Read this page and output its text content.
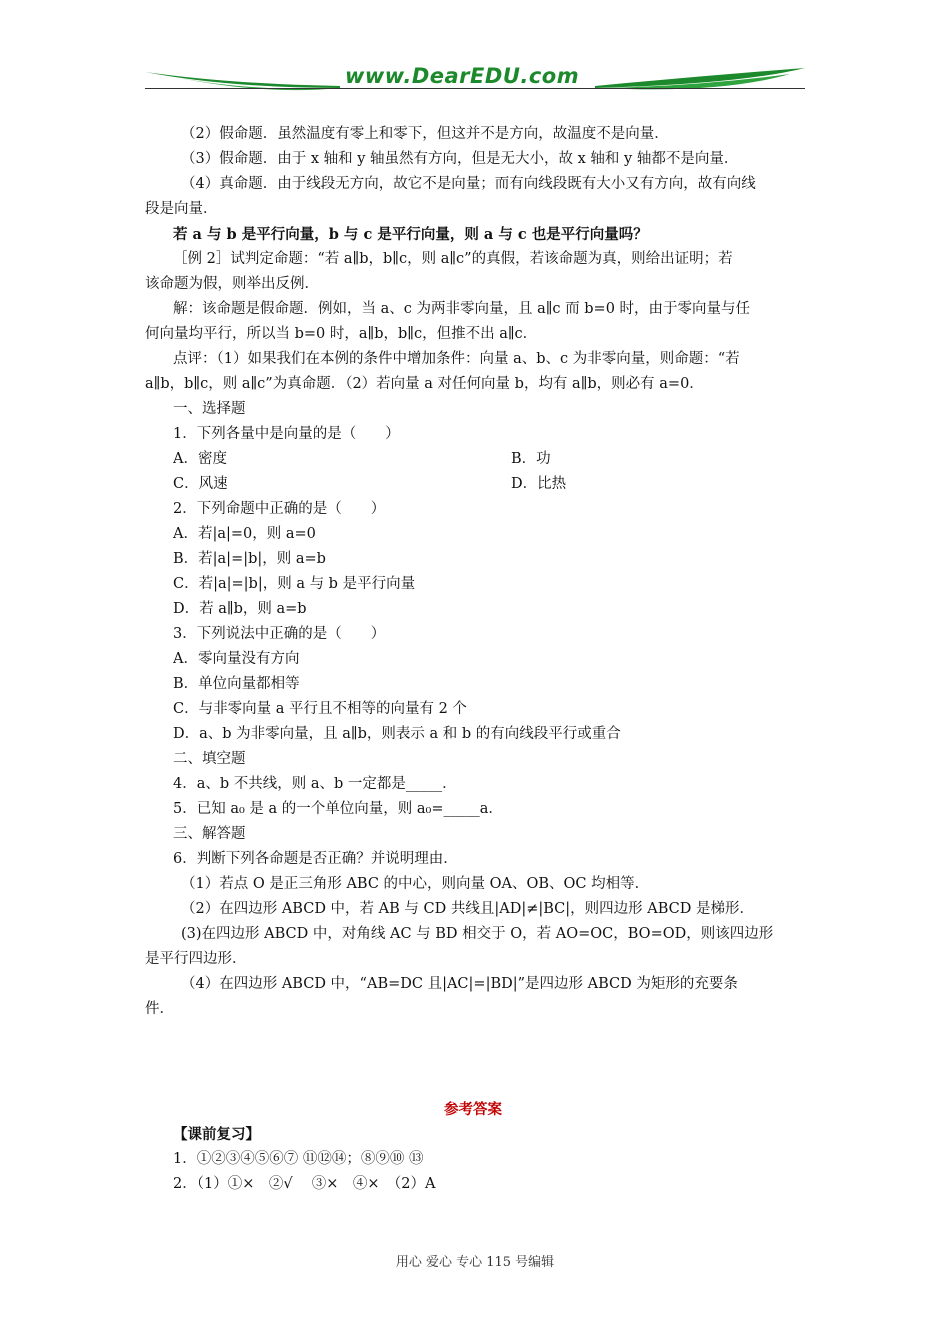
www.DearEDU.com

（2）假命题．虽然温度有零上和零下，但这并不是方向，故温度不是向量．

（3）假命题．由于 x 轴和 y 轴虽然有方向，但是无大小，故 x 轴和 y 轴都不是向量．

（4）真命题．由于线段无方向，故它不是向量；而有向线段既有大小又有方向，故有向线

段是向量．

若 a 与 b 是平行向量，b 与 c 是平行向量，则 a 与 c 也是平行向量吗？

［例 2］试判定命题：“若 a∥b，b∥c，则 a∥c”的真假，若该命题为真，则给出证明；若

该命题为假，则举出反例．

解：该命题是假命题．例如，当 a、c 为两非零向量，且 a∥c 而 b=0 时，由于零向量与任

何向量均平行，所以当 b=0 时，a∥b，b∥c，但推不出 a∥c．

点评：（1）如果我们在本例的条件中增加条件：向量 a、b、c 为非零向量，则命题：“若

a∥b，b∥c，则 a∥c”为真命题．（2）若向量 a 对任何向量 b，均有 a∥b，则必有 a=0．

一、选择题

1．下列各量中是向量的是（　　）

A．密度	B．功
C．风速	D．比热

2．下列命题中正确的是（　　）

A．若|a|=0，则 a=0

B．若|a|=|b|，则 a=b

C．若|a|=|b|，则 a 与 b 是平行向量

D．若 a∥b，则 a=b

3．下列说法中正确的是（　　）

A．零向量没有方向

B．单位向量都相等

C．与非零向量 a 平行且不相等的向量有 2 个

D．a、b 为非零向量，且 a∥b，则表示 a 和 b 的有向线段平行或重合

二、填空题

4．a、b 不共线，则 a、b 一定都是_____．

5．已知 a₀ 是 a 的一个单位向量，则 a₀=_____a．

三、解答题

6．判断下列各命题是否正确？并说明理由．

（1）若点 O 是正三角形 ABC 的中心，则向量 OA、OB、OC 均相等．

（2）在四边形 ABCD 中，若 AB 与 CD 共线且|AD|≠|BC|，则四边形 ABCD 是梯形．

(3)在四边形 ABCD 中，对角线 AC 与 BD 相交于 O，若 AO=OC，BO=OD，则该四边形

是平行四边形．

（4）在四边形 ABCD 中，“AB=DC 且|AC|=|BD|”是四边形 ABCD 为矩形的充要条

件．

参考答案

【课前复习】

1．①②③④⑤⑥⑦ ⑪⑫⑭；⑧⑨⑩ ⑬

2．（1）①×　②√　 ③×　④×　（2）A

用心 爱心 专心 115 号编辑
